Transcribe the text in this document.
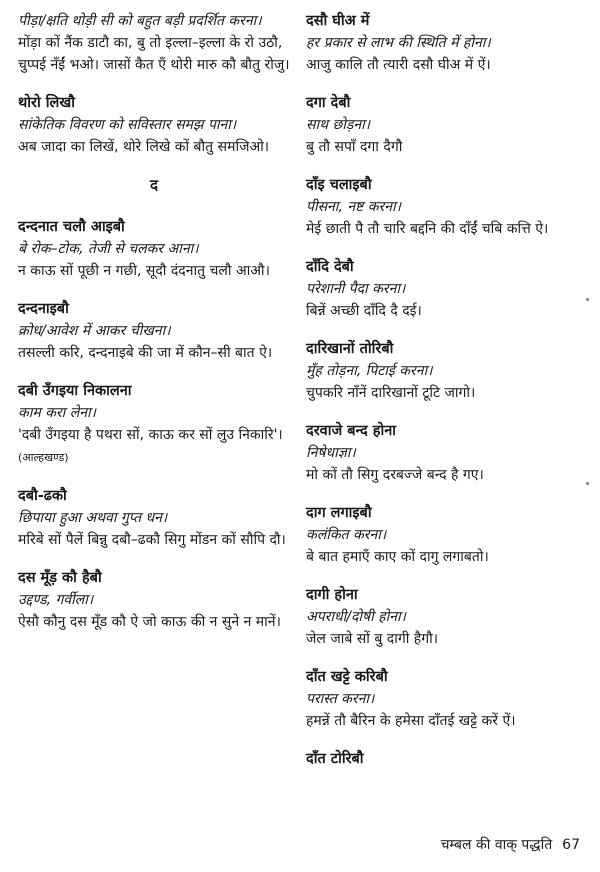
पीड़ा/क्षति थोड़ी सी को बहुत बड़ी प्रदर्शित करना।
मोंड़ा कों नैंक डाटौ का, बु तो इल्ला–इल्ला के रो उठौ, चुप्पई नँईं भओ। जासों कैत एँ थोरी मारु कौ बौतु रोजु।
थोरो लिखौ
सांकेतिक विवरण को सविस्तार समझ पाना।
अब जादा का लिखें, थोरे लिखे कों बौतु समजिओ।
द
दन्दनात चलौ आइबौ
बे रोक–टोक, तेजी से चलकर आना।
न काऊ सों पूछी न गछी, सूदौ दंदनातु चलौ आऔ।
दन्दनाइबौ
क्रोध/आवेश में आकर चीखना।
तसल्ली करि, दन्दनाइबे की जा में कौन–सी बात ऐ।
दबी उँगइया निकालना
काम करा लेना।
'दबी उँगइया है पथरा सों, काऊ कर सों लुउ निकारि'। (आल्हखण्ड)
दबौ-ढकौ
छिपाया हुआ अथवा गुप्त धन।
मरिबे सों पैलें बिन्नु दबौ–ढकौ सिगु मोंडन कों सौपि दौ।
दस मूँड़ कौ हैबौ
उद्दण्ड, गर्वीला।
ऐसौ कौनु दस मूँड कौ ऐ जो काऊ की न सुने न मानें।
दसौ घीअ में
हर प्रकार से लाभ की स्थिति में होना।
आजु कालि तौ त्यारी दसौ घीअ में ऐं।
दगा देबौ
साथ छोड़ना।
बु तौ सपाँ दगा दैगौ
दाँइ चलाइबौ
पीसना, नष्ट करना।
मेई छाती पै तौ चारि बद्दनि की दाँईं चबि कत्ति ऐ।
दाँदि देबौ
परेशानी पैदा करना।
बिन्नें अच्छी दाँदि दै दई।
दारिखानों तोरिबौ
मुँह तोड़ना, पिटाई करना।
चुपकरि नाँनें दारिखानों टूटि जागो।
दरवाजे बन्द होना
निषेधाज्ञा।
मो कों तौ सिगु दरबज्जे बन्द है गए।
दाग लगाइबौ
कलंकित करना।
बे बात हमाएँ काए कों दागु लगाबतो।
दागी होना
अपराधी/दोषी होना।
जेल जाबे सों बु दागी हैगौ।
दाँत खट्टे करिबौ
परास्त करना।
हमन्नें तौ बैरिन के हमेसा दाँतई खट्टे करें ऐं।
दाँत टोरिबौ
चम्बल की वाक् पद्धति 67
